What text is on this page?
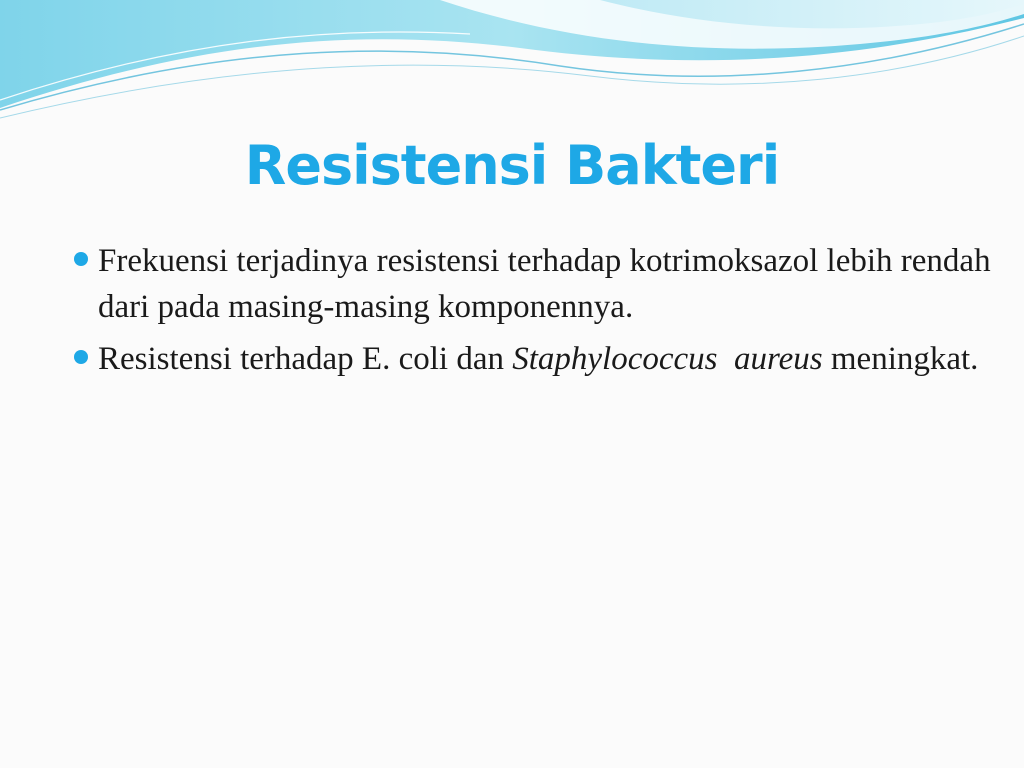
Resistensi Bakteri
Frekuensi terjadinya resistensi terhadap kotrimoksazol lebih rendah dari pada masing-masing komponennya.
Resistensi terhadap E. coli dan Staphylococcus aureus meningkat.
